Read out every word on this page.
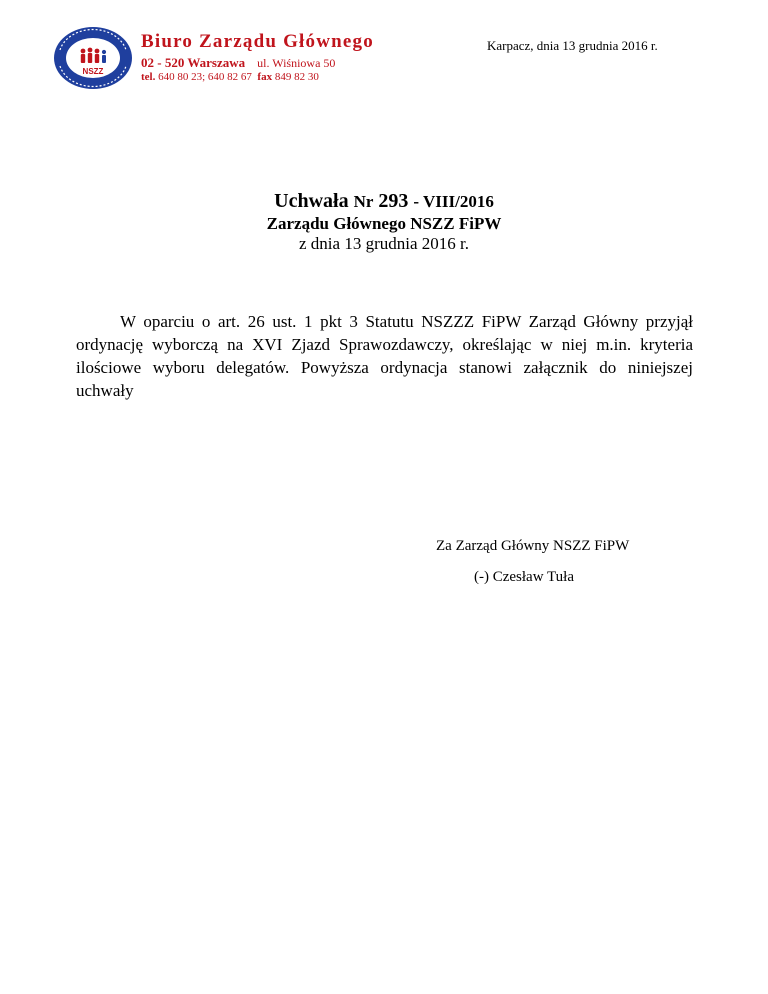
NSZZ
Biuro Zarządu Głównego
02 - 520 Warszawa ul. Wiśniowa 50
tel. 640 80 23; 640 82 67 fax 849 82 30
Karpacz, dnia 13 grudnia 2016 r.
Uchwała Nr 293 - VIII/2016
Zarządu Głównego NSZZ FiPW
z dnia 13 grudnia 2016 r.

W oparciu o art. 26 ust. 1 pkt 3 Statutu NSZZZ FiPW Zarząd Główny przyjął ordynację wyborczą na XVI Zjazd Sprawozdawczy, określając w niej m.in. kryteria ilościowe wyboru delegatów. Powyższa ordynacja stanowi załącznik do niniejszej uchwały

Za Zarząd Główny NSZZ FiPW
(-) Czesław Tuła
